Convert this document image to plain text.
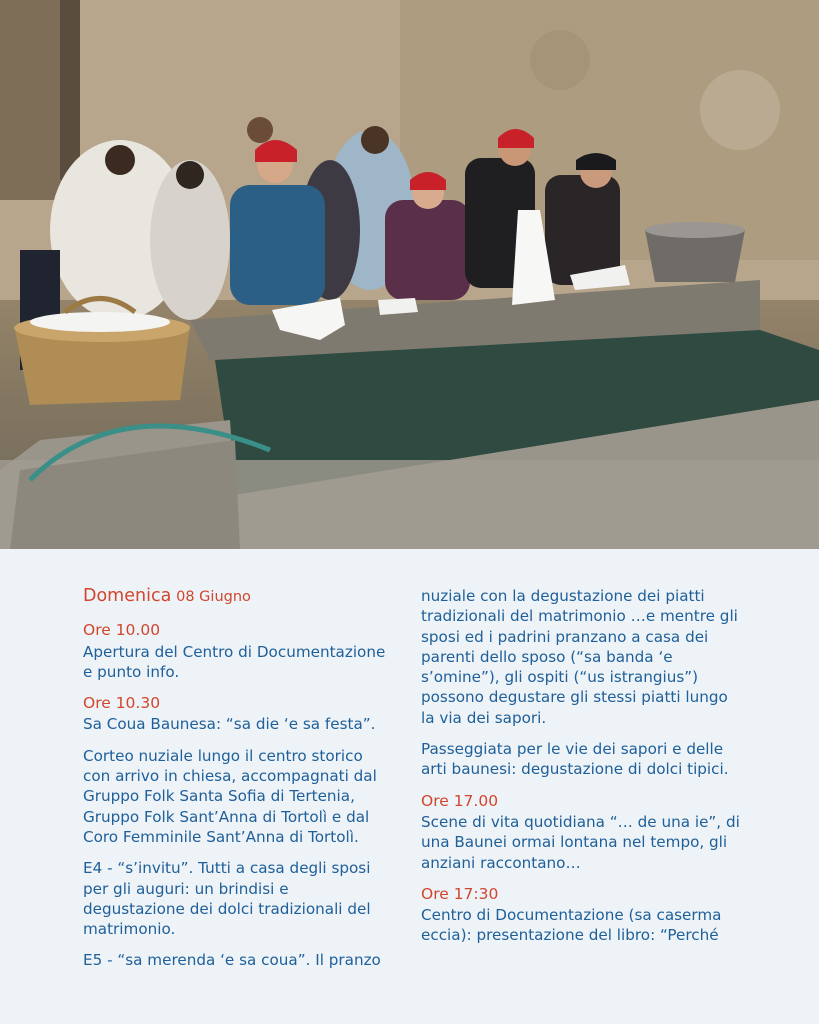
Domenica 08 Giugno
Ore 10.00

Apertura del Centro di Documentazione e punto info.

Ore 10.30

Sa Coua Baunesa: “sa die ‘e sa festa”.

Corteo nuziale lungo il centro storico con arrivo in chiesa, accompagnati dal Gruppo Folk Santa Sofia di Tertenia, Gruppo Folk Sant’Anna di Tortolì e dal Coro Femminile Sant’Anna di Tortolì.

E4 - “s’invitu”. Tutti a casa degli sposi per gli auguri: un brindisi e degustazione dei dolci tradizionali del matrimonio.

E5 - “sa merenda ‘e sa coua”. Il pranzo

nuziale con la degustazione dei piatti tradizionali del matrimonio …e mentre gli sposi ed i padrini pranzano a casa dei parenti dello sposo (“sa banda ‘e s’omine”), gli ospiti (“us istrangius”) possono degustare gli stessi piatti lungo la via dei sapori.

Passeggiata per le vie dei sapori e delle arti baunesi: degustazione di dolci tipici.

Ore 17.00

Scene di vita quotidiana “… de una ie”, di una Baunei ormai lontana nel tempo, gli anziani raccontano…

Ore 17:30

Centro di Documentazione (sa caserma eccia): presentazione del libro: “Perché
